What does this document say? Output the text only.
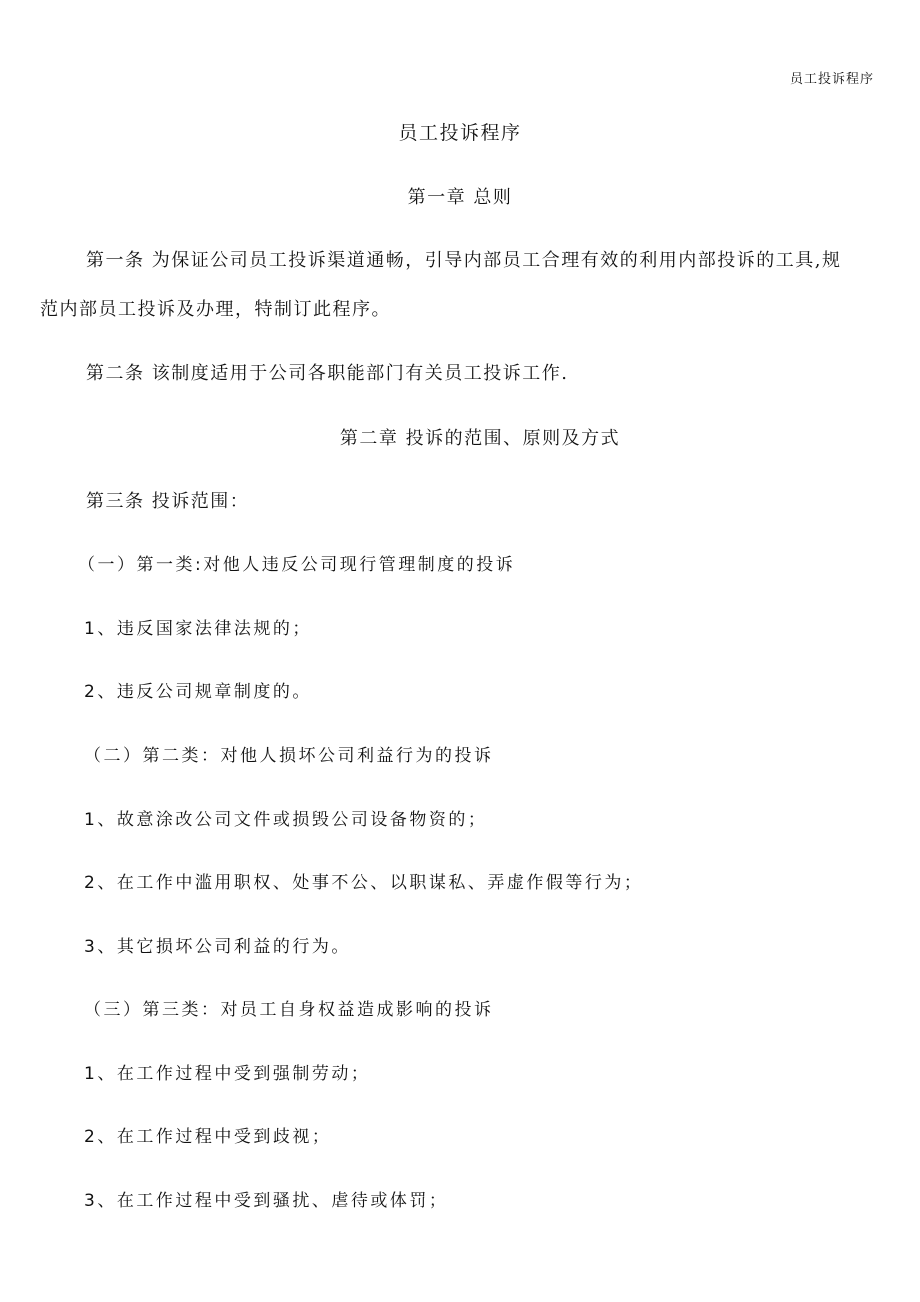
员工投诉程序
员工投诉程序
第一章 总则
第一条 为保证公司员工投诉渠道通畅，引导内部员工合理有效的利用内部投诉的工具,规
范内部员工投诉及办理，特制订此程序。
第二条 该制度适用于公司各职能部门有关员工投诉工作.
第二章 投诉的范围、原则及方式
第三条 投诉范围：
（一）第一类:对他人违反公司现行管理制度的投诉
1、违反国家法律法规的；
2、违反公司规章制度的。
（二）第二类：对他人损坏公司利益行为的投诉
1、故意涂改公司文件或损毁公司设备物资的；
2、在工作中滥用职权、处事不公、以职谋私、弄虚作假等行为；
3、其它损坏公司利益的行为。
（三）第三类：对员工自身权益造成影响的投诉
1、在工作过程中受到强制劳动；
2、在工作过程中受到歧视；
3、在工作过程中受到骚扰、虐待或体罚；
